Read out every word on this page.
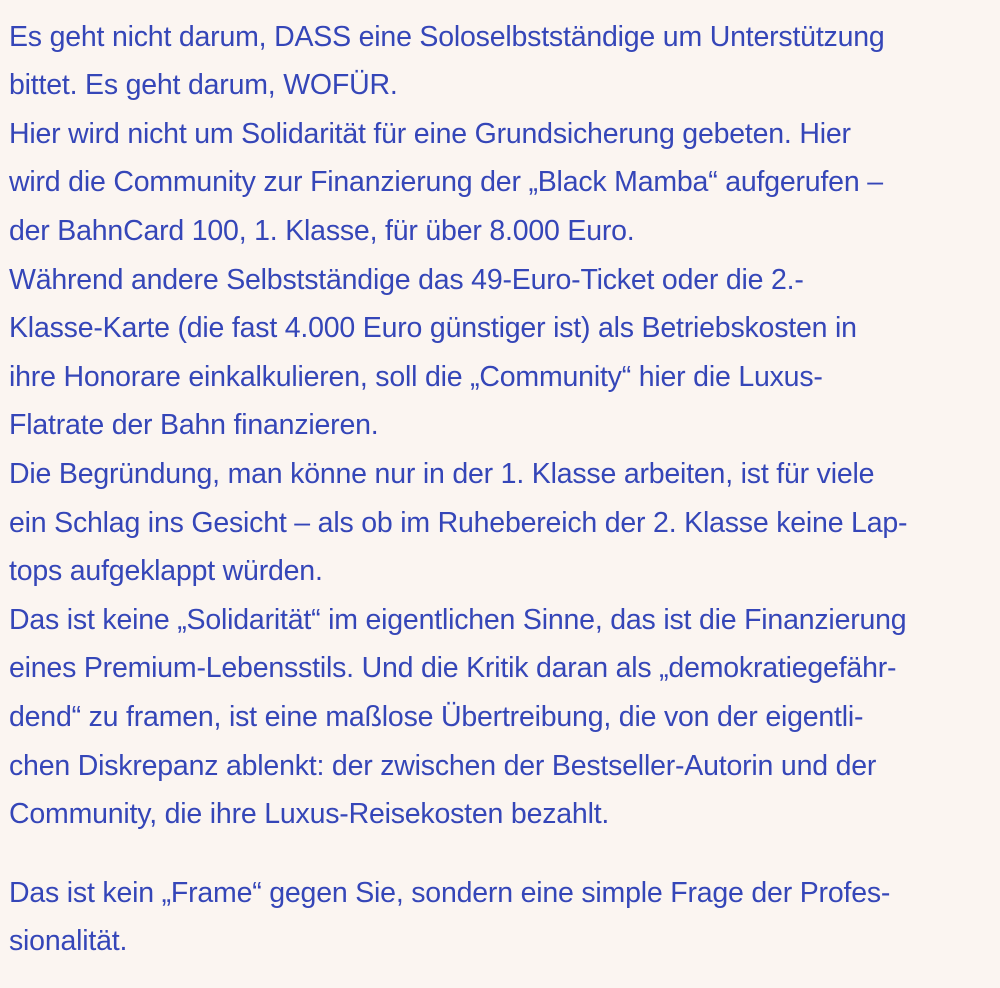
Es geht nicht darum, DASS eine Soloselbstständige um Unterstützung
bittet. Es geht darum, WOFÜR.
Hier wird nicht um Solidarität für eine Grundsicherung gebeten. Hier
wird die Community zur Finanzierung der „Black Mamba“ aufgerufen –
der BahnCard 100, 1. Klasse, für über 8.000 Euro.
Während andere Selbstständige das 49-Euro-Ticket oder die 2.-
Klasse-Karte (die fast 4.000 Euro günstiger ist) als Betriebskosten in
ihre Honorare einkalkulieren, soll die „Community“ hier die Luxus-
Flatrate der Bahn finanzieren.
Die Begründung, man könne nur in der 1. Klasse arbeiten, ist für viele
ein Schlag ins Gesicht – als ob im Ruhebereich der 2. Klasse keine Lap-
tops aufgeklappt würden.
Das ist keine „Solidarität“ im eigentlichen Sinne, das ist die Finanzierung
eines Premium-Lebensstils. Und die Kritik daran als „demokratiegefähr-
dend“ zu framen, ist eine maßlose Übertreibung, die von der eigentli-
chen Diskrepanz ablenkt: der zwischen der Bestseller-Autorin und der
Community, die ihre Luxus-Reisekosten bezahlt.
Das ist kein „Frame“ gegen Sie, sondern eine simple Frage der Profes-
sionalität.
